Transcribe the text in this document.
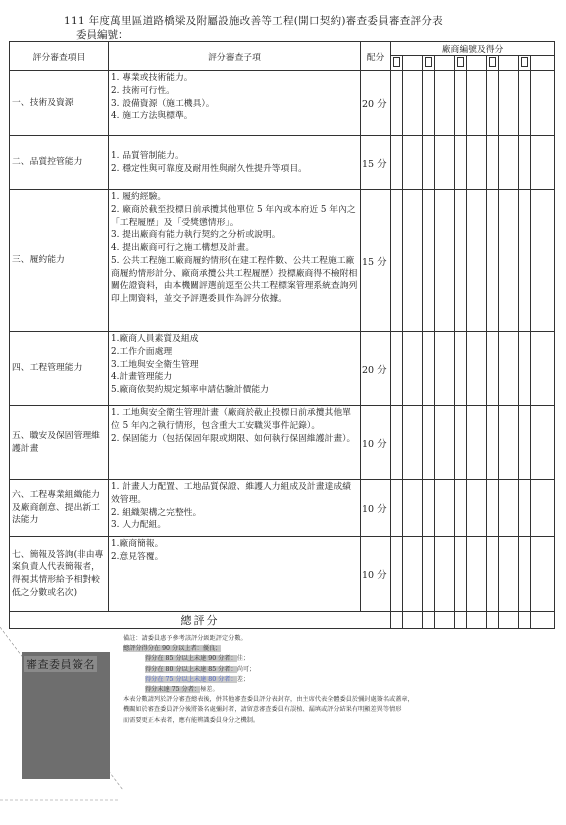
111 年度萬里區道路橋梁及附屬設施改善等工程(開口契約)審查委員審查評分表
委員編號：
評分審查項目	評分審查子項	配分	廠商編號及得分									

一、技術及資源	1. 專業或技術能力。
2. 技術可行性。
3. 設備資源（施工機具）。
4. 施工方法與標準。	20 分										
二、品質控管能力	1. 品質管制能力。
2. 穩定性與可靠度及耐用性與耐久性提升等項目。	15 分										
三、履約能力	1. 履約經驗。
2. 廠商於截至投標日前承攬其他單位 5 年內或本府近 5 年內之「工程履歷」及「受獎懲情形」。
3. 提出廠商有能力執行契約之分析或說明。
4. 提出廠商可行之施工構想及計畫。
5. 公共工程施工廠商履約情形(在建工程件數、公共工程施工廠商履約情形計分、廠商承攬公共工程履歷）投標廠商得不檢附相關佐證資料，由本機關評選前逕至公共工程標案管理系統查詢列印上開資料，並交予評選委員作為評分依據。	15 分										
四、工程管理能力	1.廠商人員素質及組成
2.工作介面處理
3.工地與安全衛生管理
4.計畫管理能力
5.廠商依契約規定頻率申請估驗計價能力	20 分										
五、職安及保固管理維護計畫	1. 工地與安全衛生管理計畫（廠商於截止投標日前承攬其他單位 5 年內之執行情形，包含重大工安職災事件記錄）。
2. 保固能力（包括保固年限或期限、如何執行保固維護計畫）。	10 分										
六、工程專業組織能力及廠商創意、提出新工法能力	1. 計畫人力配置、工地品質保證、維護人力組成及計畫達成績效管理。
2. 組織架構之完整性。
3. 人力配組。	10 分										
七、簡報及答詢(非由專案負責人代表簡報者，得視其情形給予相對較低之分數或名次)	1.廠商簡報。
2.意見答覆。	10 分										
總評分												
備註：請委員惠予參考該評分級距評定分數。
總評分得分在 90 分以上者：優良；
得分在 85 分以上未達 90 分者：佳；
得分在 80 分以上未達 85 分者：尚可；
得分在 75 分以上未達 80 分者：差；
得分未達 75 分者：極差。
本表分數請列於評分審查總表後，併其他審查委員評分表封存，由主席代表全體委員於彌封處簽名或蓋章，
機關如於審查委員評分後將簽名處彌封者，請留意審查委員有誤植、漏填或評分結果有明顯差異等情形
而需要更正本表者，應有能辨識委員身分之機制。
審查委員簽名
